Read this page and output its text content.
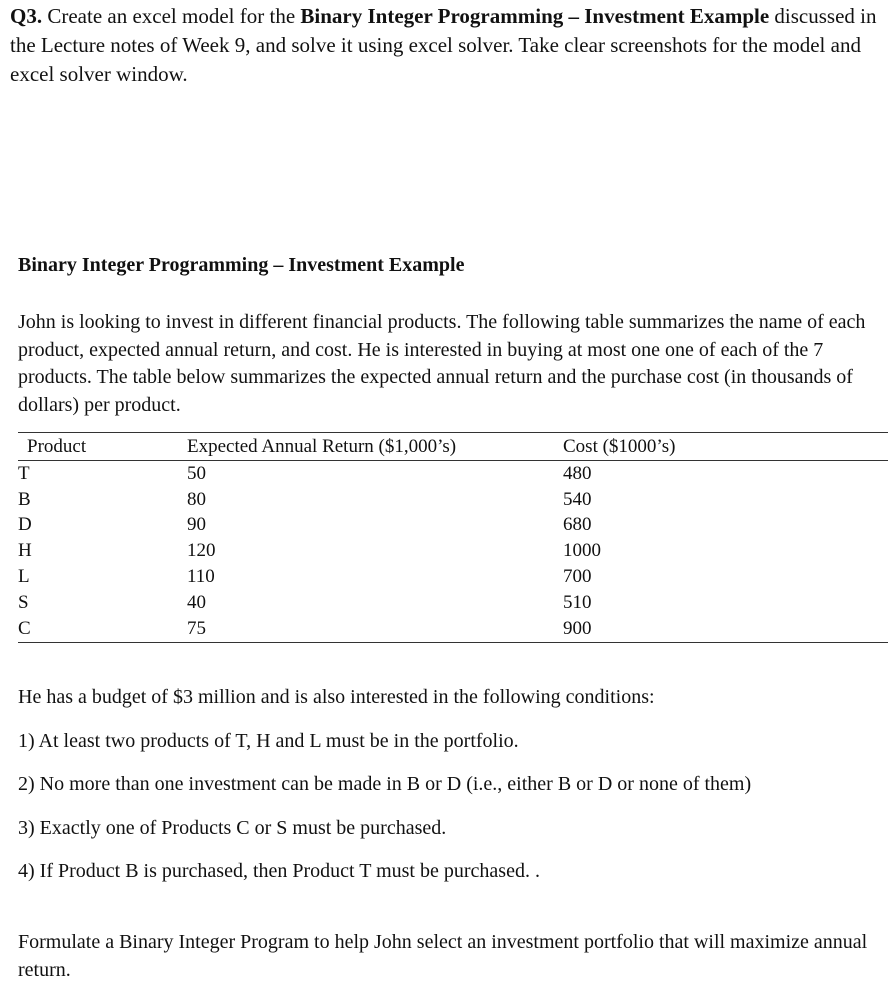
Q3. Create an excel model for the Binary Integer Programming – Investment Example discussed in the Lecture notes of Week 9, and solve it using excel solver. Take clear screenshots for the model and excel solver window.
Binary Integer Programming – Investment Example
John is looking to invest in different financial products. The following table summarizes the name of each product, expected annual return, and cost. He is interested in buying at most one one of each of the 7 products. The table below summarizes the expected annual return and the purchase cost (in thousands of dollars) per product.
Product	Expected Annual Return ($1,000’s)	Cost ($1000’s)
T	50	480
B	80	540
D	90	680
H	120	1000
L	110	700
S	40	510
C	75	900

He has a budget of $3 million and is also interested in the following conditions:

1) At least two products of T, H and L must be in the portfolio.

2) No more than one investment can be made in B or D (i.e., either B or D or none of them)

3) Exactly one of Products C or S must be purchased.

4) If Product B is purchased, then Product T must be purchased. .

Formulate a Binary Integer Program to help John select an investment portfolio that will maximize annual return.
